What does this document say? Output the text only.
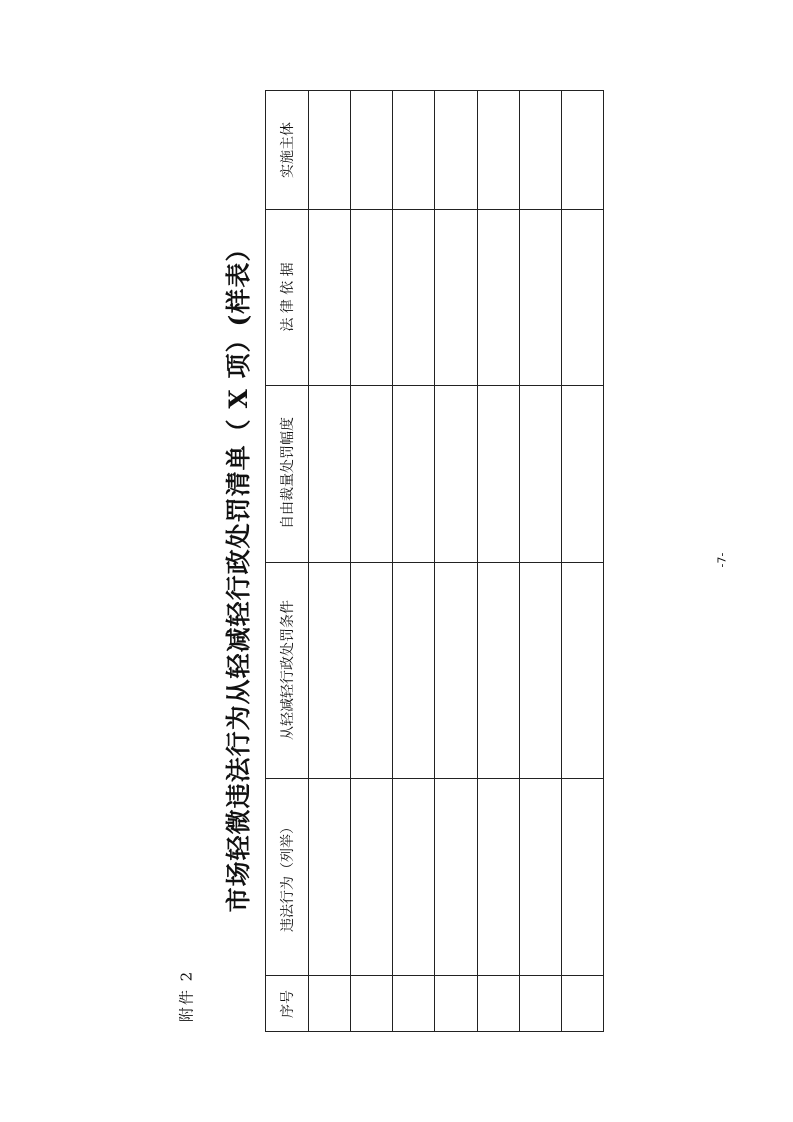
附件 2
市场轻微违法行为从轻减轻行政处罚清单（ X 项）(样表）	-7-
实施主体
法 律 依 据
自由裁量处罚幅度
从轻减轻行政处罚条件
违法行为（列举）
序号
